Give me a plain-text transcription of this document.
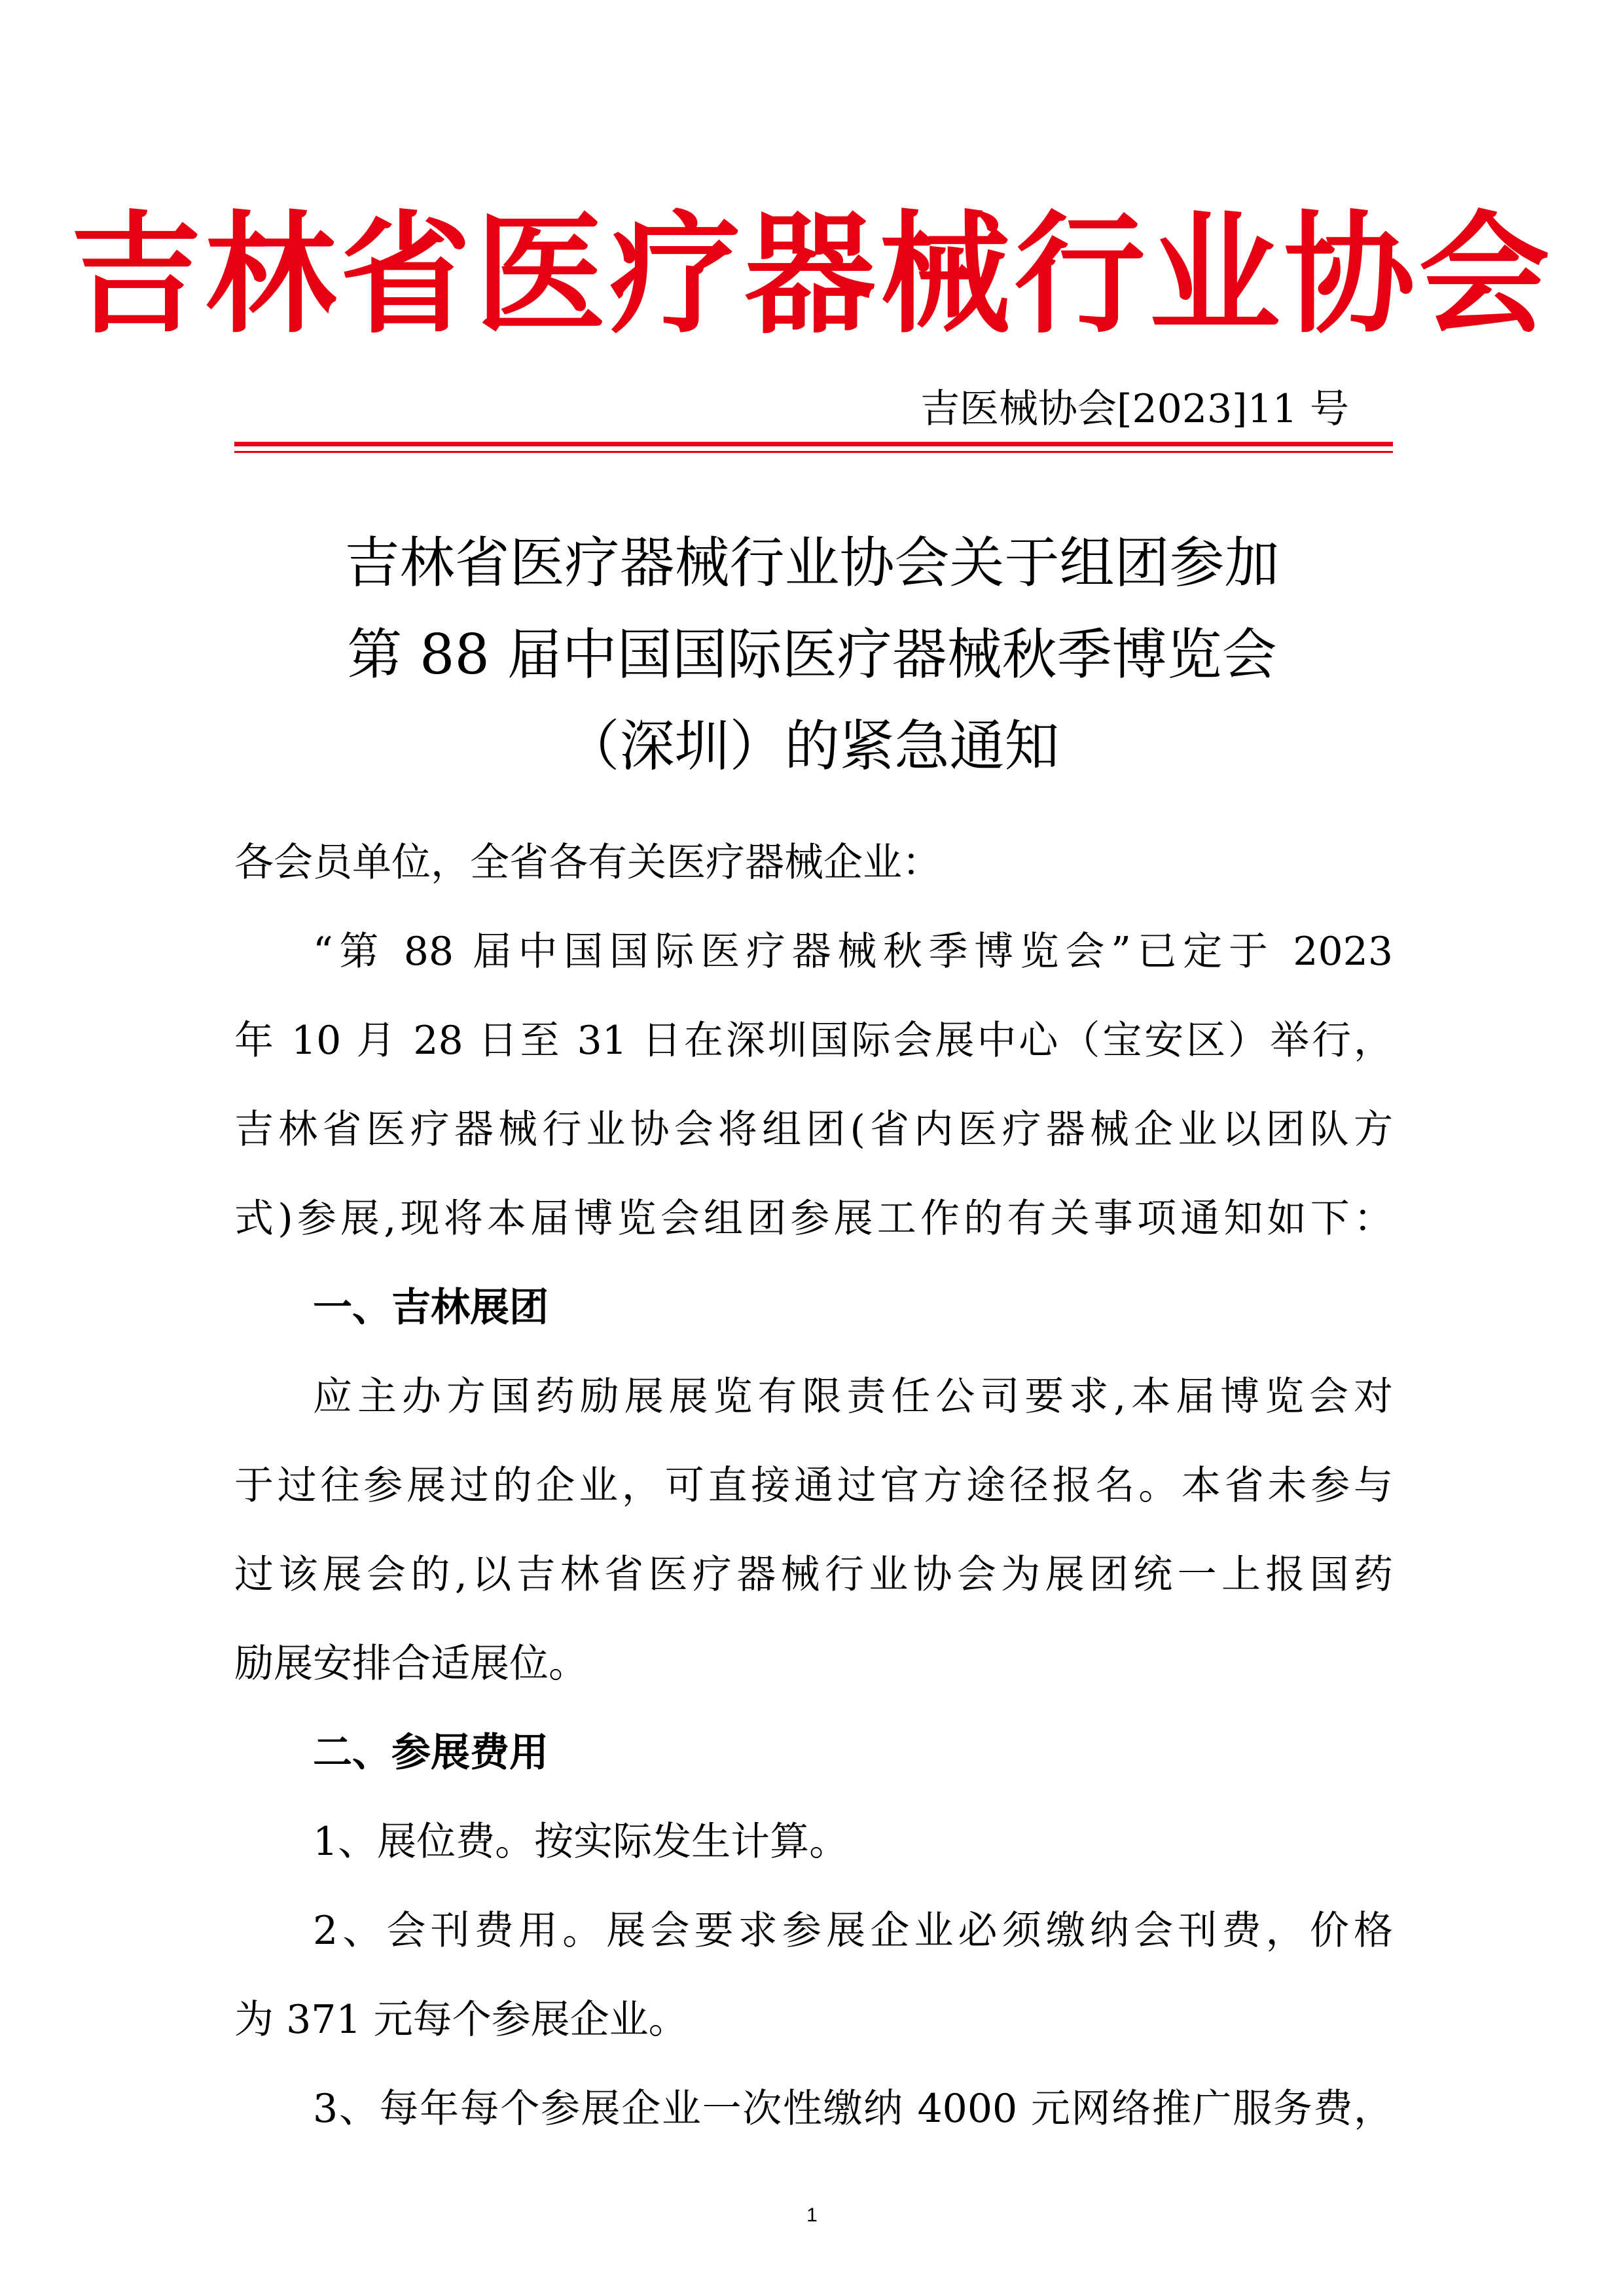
吉林省医疗器械行业协会
吉医械协会[2023]11 号
吉林省医疗器械行业协会关于组团参加
第 88 届中国国际医疗器械秋季博览会
（深圳）的紧急通知
各会员单位，全省各有关医疗器械企业：
“第 88 届中国国际医疗器械秋季博览会”已定于 2023
年 10 月 28 日至 31 日在深圳国际会展中心（宝安区）举行，
吉林省医疗器械行业协会将组团(省内医疗器械企业以团队方
式)参展,现将本届博览会组团参展工作的有关事项通知如下：
一、吉林展团
应主办方国药励展展览有限责任公司要求,本届博览会对
于过往参展过的企业，可直接通过官方途径报名。本省未参与
过该展会的,以吉林省医疗器械行业协会为展团统一上报国药
励展安排合适展位。
二、参展费用
1、展位费。按实际发生计算。
2、会刊费用。展会要求参展企业必须缴纳会刊费，价格
为 371 元每个参展企业。
3、每年每个参展企业一次性缴纳 4000 元网络推广服务费，
1
